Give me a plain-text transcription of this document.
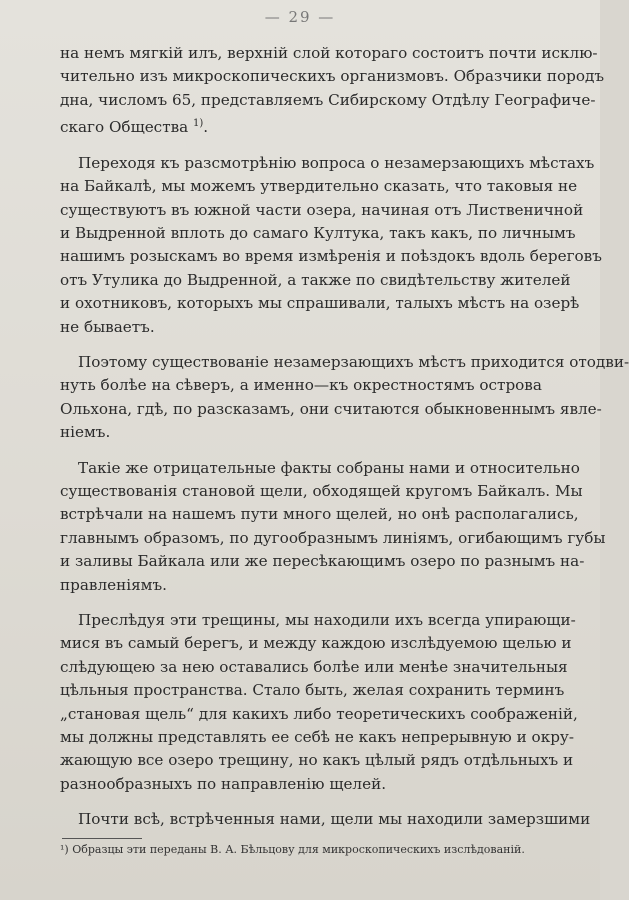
— 29 —

на немъ мягкій илъ, верхній слой котораго состоитъ почти исклю-
чительно изъ микроскопическихъ организмовъ. Образчики породъ
дна, числомъ 65, представляемъ Сибирскому Отдѣлу Географиче-
скаго Общества $^{1)}$.

Переходя къ разсмотрѣнію вопроса о незамерзающихъ мѣстахъ
на Байкалѣ, мы можемъ утвердительно сказать, что таковыя не
существуютъ въ южной части озера, начиная отъ Лиственичной
и Выдренной вплоть до самаго Култука, такъ какъ, по личнымъ
нашимъ розыскамъ во время измѣренія и поѣздокъ вдоль береговъ
отъ Утулика до Выдренной, а также по свидѣтельству жителей
и охотниковъ, которыхъ мы спрашивали, талыхъ мѣстъ на озерѣ
не бываетъ.

Поэтому существованіе незамерзающихъ мѣстъ приходится отодви-
нуть болѣе на сѣверъ, а именно—къ окрестностямъ острова
Ольхона, гдѣ, по разсказамъ, они считаются обыкновеннымъ явле-
ніемъ.

Такіе же отрицательные факты собраны нами и относительно
существованія становой щели, обходящей кругомъ Байкалъ. Мы
встрѣчали на нашемъ пути много щелей, но онѣ располагались,
главнымъ образомъ, по дугообразнымъ линіямъ, огибающимъ губы
и заливы Байкала или же пересѣкающимъ озеро по разнымъ на-
правленіямъ.

Преслѣдуя эти трещины, мы находили ихъ всегда упирающи-
мися въ самый берегъ, и между каждою изслѣдуемою щелью и
слѣдующею за нею оставались болѣе или менѣе значительныя
цѣльныя пространства. Стало быть, желая сохранить терминъ
„становая щель“ для какихъ либо теоретическихъ соображеній,
мы должны представлять ее себѣ не какъ непрерывную и окру-
жающую все озеро трещину, но какъ цѣлый рядъ отдѣльныхъ и
разнообразныхъ по направленію щелей.

Почти всѣ, встрѣченныя нами, щели мы находили замерзшими

¹) Образцы эти переданы В. А. Бѣльцову для микроскопическихъ изслѣдованій.
